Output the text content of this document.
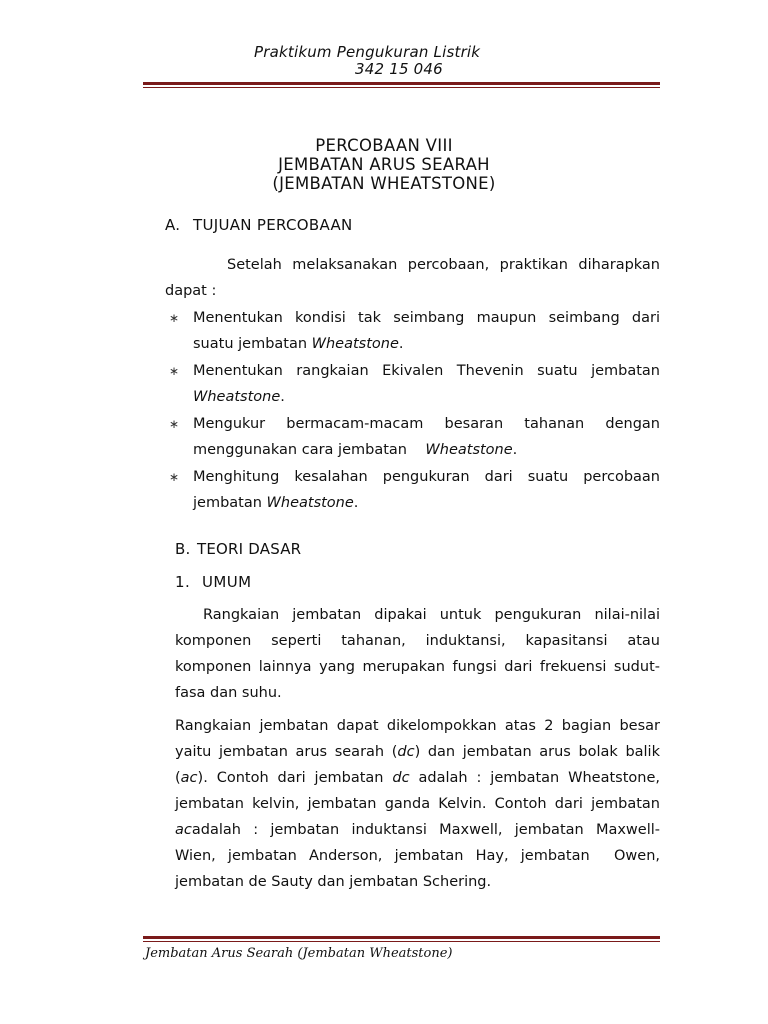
Praktikum Pengukuran Listrik
342 15 046
PERCOBAAN VIII
JEMBATAN ARUS SEARAH
(JEMBATAN WHEATSTONE)
A. TUJUAN PERCOBAAN
Setelah melaksanakan percobaan, praktikan diharapkan
dapat :
∗ Menentukan kondisi tak seimbang maupun seimbang dari
suatu jembatan Wheatstone.
∗ Menentukan rangkaian Ekivalen Thevenin suatu jembatan
Wheatstone.
∗ Mengukur bermacam-macam besaran tahanan dengan
menggunakan cara jembatan    Wheatstone.
∗ Menghitung kesalahan pengukuran dari suatu percobaan
jembatan Wheatstone.
B. TEORI DASAR
1. UMUM
Rangkaian jembatan dipakai untuk pengukuran nilai-nilai
komponen seperti tahanan, induktansi, kapasitansi atau
komponen lainnya yang merupakan fungsi dari frekuensi sudut-
fasa dan suhu.
Rangkaian jembatan dapat dikelompokkan atas 2 bagian besar
yaitu jembatan arus searah (dc) dan jembatan arus bolak balik
(ac). Contoh dari jembatan dc adalah : jembatan Wheatstone,
jembatan kelvin, jembatan ganda Kelvin. Contoh dari jembatan
acadalah : jembatan induktansi Maxwell, jembatan Maxwell-
Wien, jembatan Anderson, jembatan Hay, jembatan  Owen,
jembatan de Sauty dan jembatan Schering.
Jembatan Arus Searah (Jembatan Wheatstone)
